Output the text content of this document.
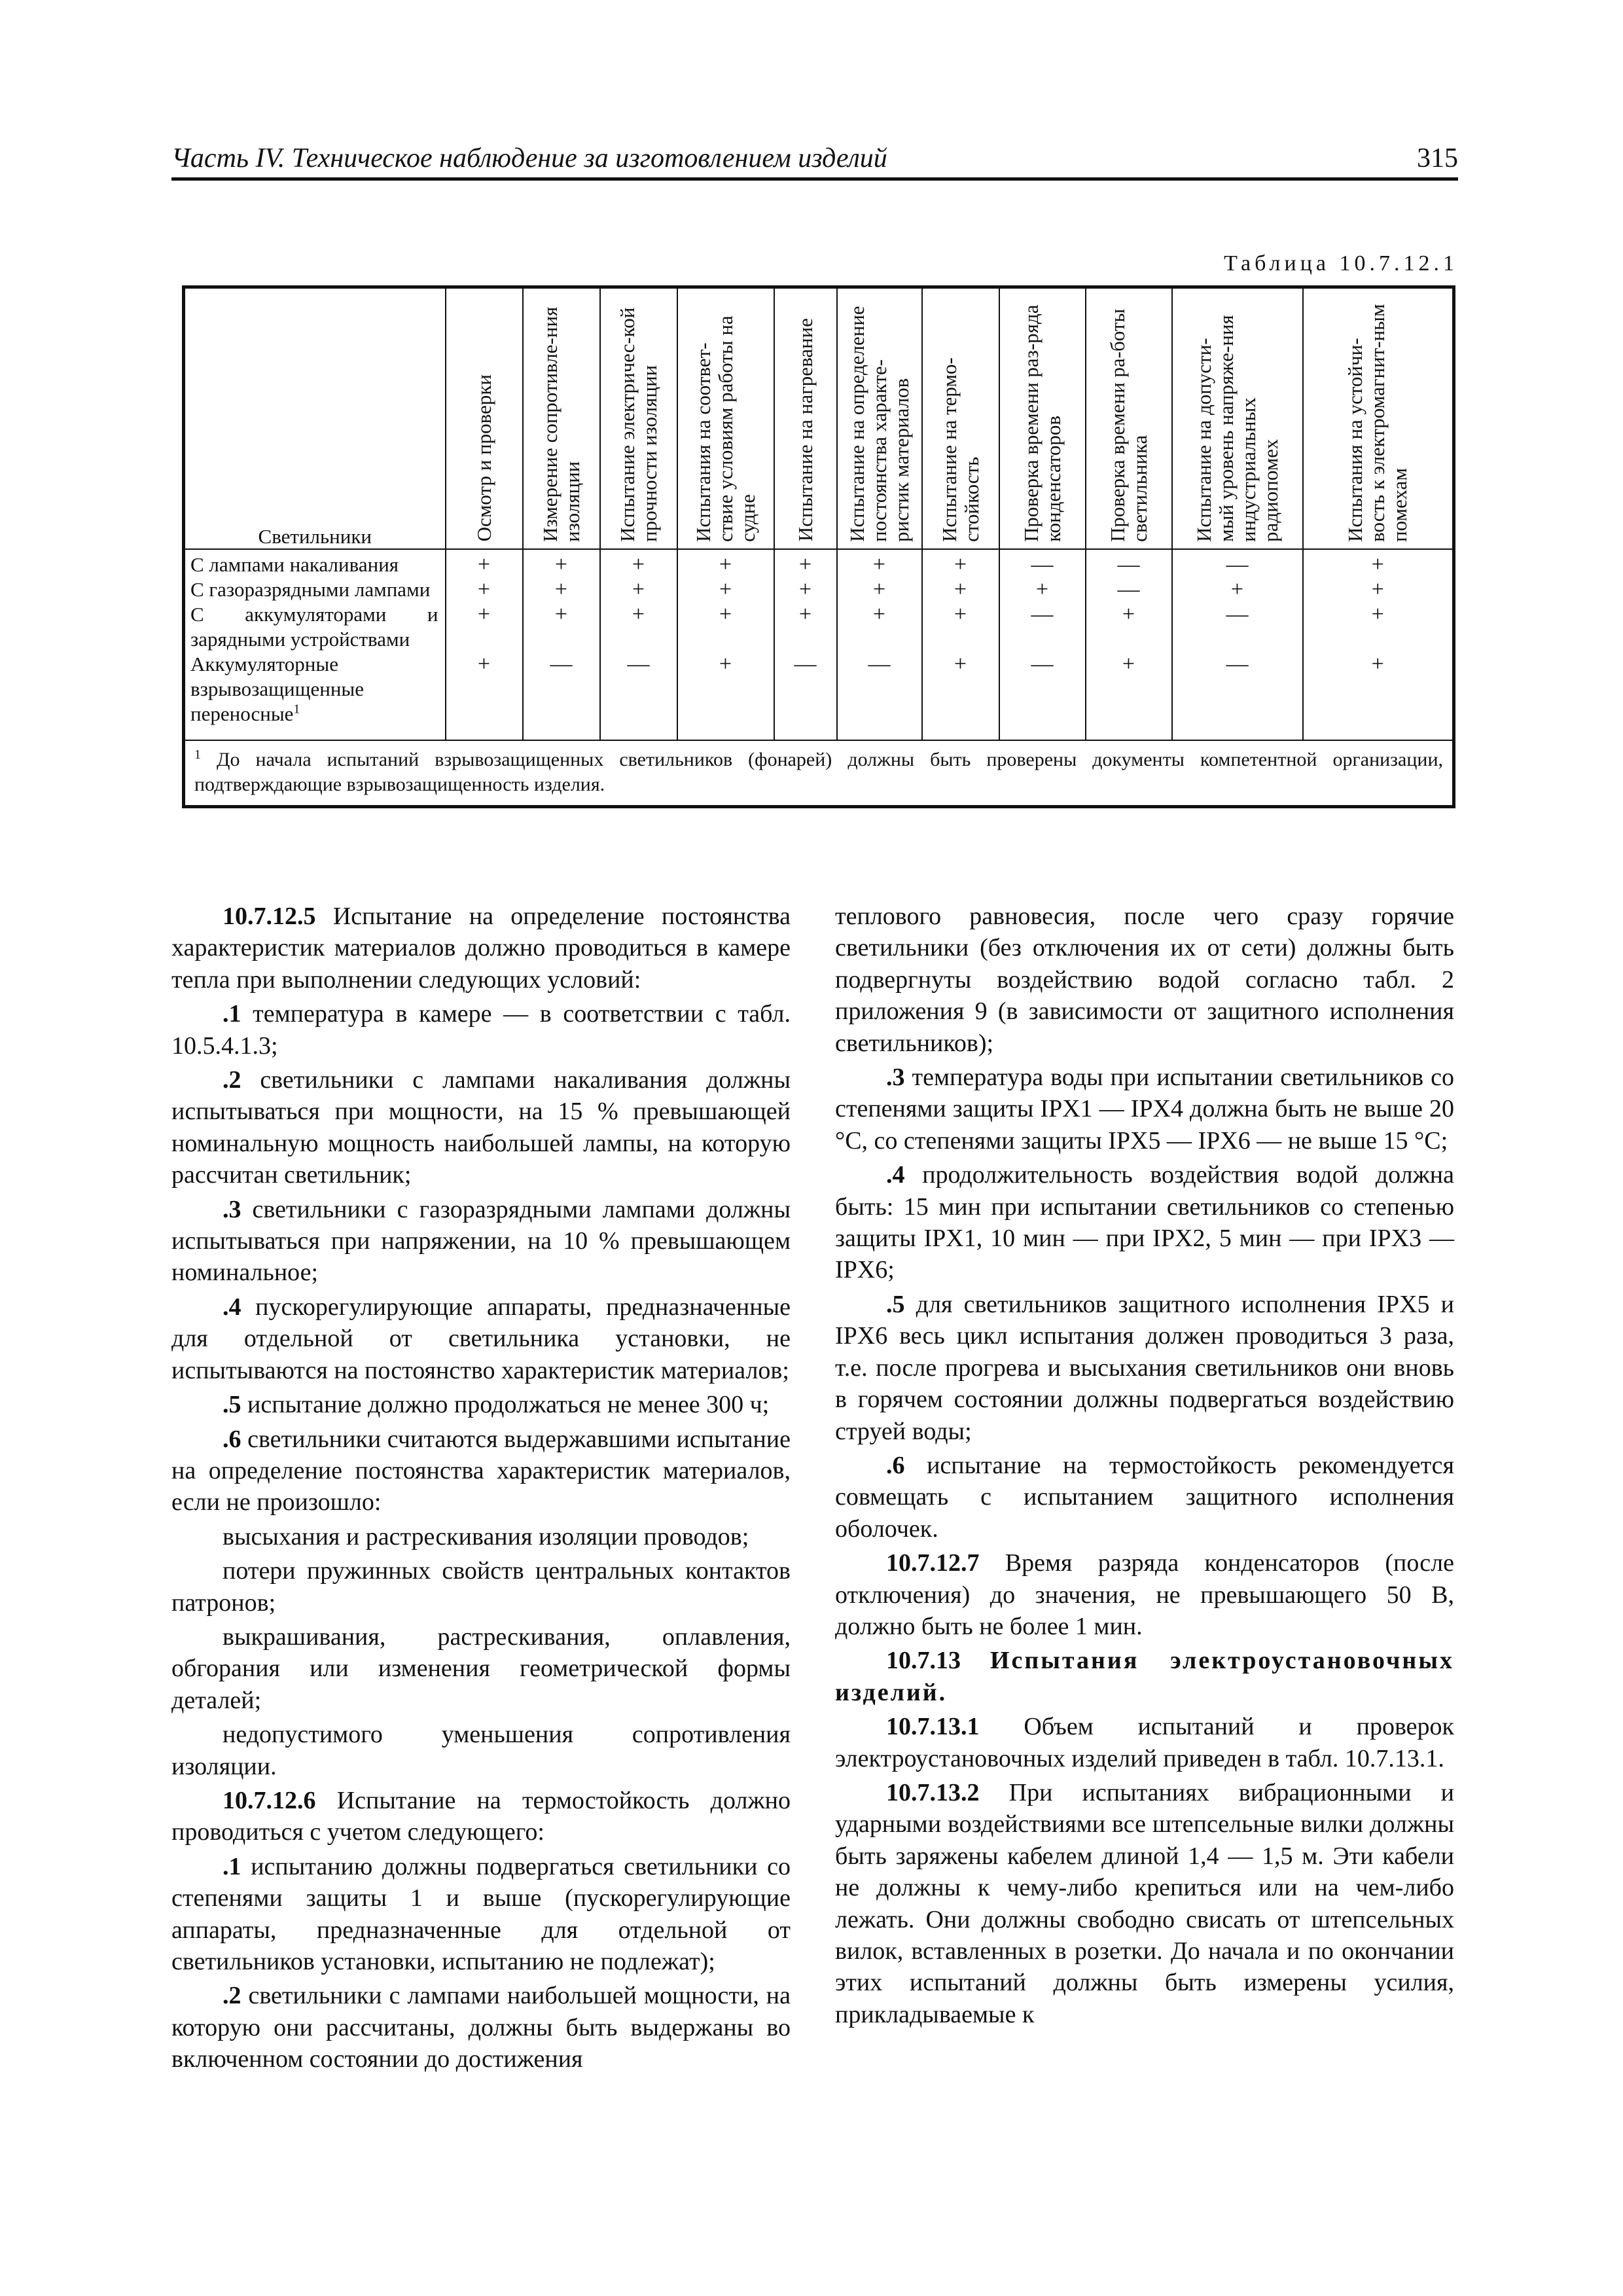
Часть IV. Техническое наблюдение за изготовлением изделий	315
Таблица 10.7.12.1
Светильники	Осмотр и проверки	Измерение сопротивле-ния изоляции	Испытание электричес-кой прочности изоляции	Испытания на соответ-ствие условиям работы на судне	Испытание на нагревание	Испытание на определение постоянства характе-ристик материалов	Испытание на термо-стойкость	Проверка времени раз-ряда конденсаторов	Проверка времени ра-боты светильника	Испытание на допусти-мый уровень напряже-ния индустриальных радиопомех	Испытания на устойчи-вость к электромагнит-ным помехам

С лампами накаливания	+	+	+	+	+	+	+	—	—	—	+
С газоразрядными лампами	+	+	+	+	+	+	+	+	—	+	+
С аккумуляторами и зарядными устройствами	+	+	+	+	+	+	+	—	+	—	+
Аккумуляторные взрывозащищенные переносные$^1$	+	—	—	+	—	—	+	—	+	—	+
$^1$ До начала испытаний взрывозащищенных светильников (фонарей) должны быть проверены документы компетентной организации, подтверждающие взрывозащищенность изделия.											

10.7.12.5 Испытание на определение постоянства характеристик материалов должно проводиться в камере тепла при выполнении следующих условий:

.1 температура в камере — в соответствии с табл. 10.5.4.1.3;

.2 светильники с лампами накаливания должны испытываться при мощности, на 15 % превышающей номинальную мощность наибольшей лампы, на которую рассчитан светильник;

.3 светильники с газоразрядными лампами должны испытываться при напряжении, на 10 % превышающем номинальное;

.4 пускорегулирующие аппараты, предназначенные для отдельной от светильника установки, не испытываются на постоянство характеристик материалов;

.5 испытание должно продолжаться не менее 300 ч;

.6 светильники считаются выдержавшими испытание на определение постоянства характеристик материалов, если не произошло:

высыхания и растрескивания изоляции проводов;

потери пружинных свойств центральных контактов патронов;

выкрашивания, растрескивания, оплавления, обгорания или изменения геометрической формы деталей;

недопустимого уменьшения сопротивления изоляции.

10.7.12.6 Испытание на термостойкость должно проводиться с учетом следующего:

.1 испытанию должны подвергаться светильники со степенями защиты 1 и выше (пускорегулирующие аппараты, предназначенные для отдельной от светильников установки, испытанию не подлежат);

.2 светильники с лампами наибольшей мощности, на которую они рассчитаны, должны быть выдержаны во включенном состоянии до достижения

теплового равновесия, после чего сразу горячие светильники (без отключения их от сети) должны быть подвергнуты воздействию водой согласно табл. 2 приложения 9 (в зависимости от защитного исполнения светильников);

.3 температура воды при испытании светильников со степенями защиты IPX1 — IPX4 должна быть не выше 20 °С, со степенями защиты IPX5 — IPX6 — не выше 15 °С;

.4 продолжительность воздействия водой должна быть: 15 мин при испытании светильников со степенью защиты IPX1, 10 мин — при IPX2, 5 мин — при IPX3 — IPX6;

.5 для светильников защитного исполнения IPX5 и IPX6 весь цикл испытания должен проводиться 3 раза, т.е. после прогрева и высыхания светильников они вновь в горячем состоянии должны подвергаться воздействию струей воды;

.6 испытание на термостойкость рекомендуется совмещать с испытанием защитного исполнения оболочек.

10.7.12.7 Время разряда конденсаторов (после отключения) до значения, не превышающего 50 В, должно быть не более 1 мин.

10.7.13 Испытания электроустановочных изделий.

10.7.13.1 Объем испытаний и проверок электроустановочных изделий приведен в табл. 10.7.13.1.

10.7.13.2 При испытаниях вибрационными и ударными воздействиями все штепсельные вилки должны быть заряжены кабелем длиной 1,4 — 1,5 м. Эти кабели не должны к чему-либо крепиться или на чем-либо лежать. Они должны свободно свисать от штепсельных вилок, вставленных в розетки. До начала и по окончании этих испытаний должны быть измерены усилия, прикладываемые к
